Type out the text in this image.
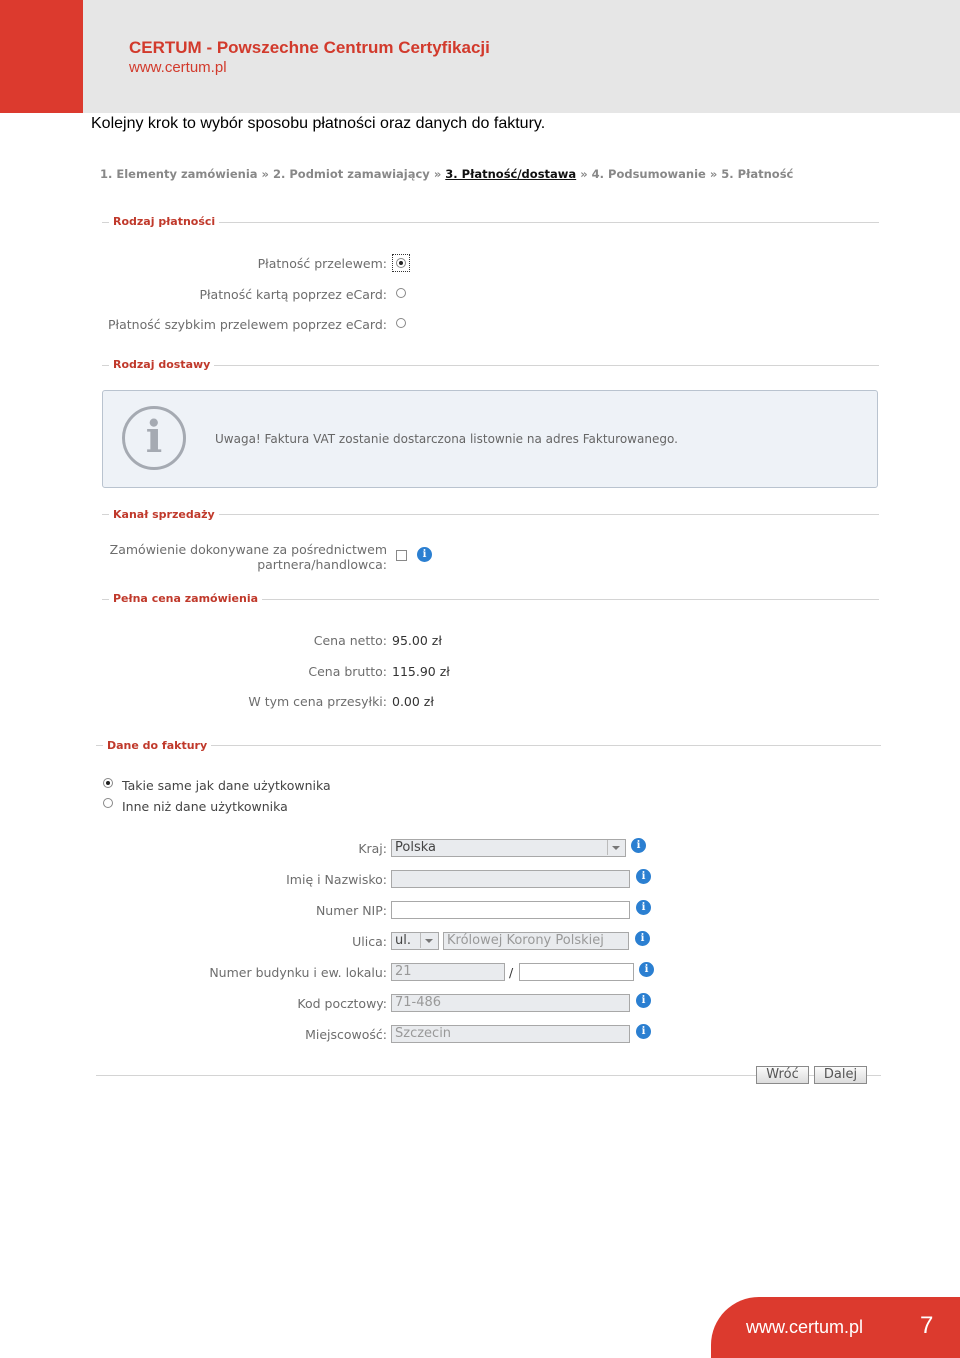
CERTUM - Powszechne Centrum Certyfikacji
www.certum.pl
Kolejny krok to wybór sposobu płatności oraz danych do faktury.
1. Elementy zamówienia » 2. Podmiot zamawiający » 3. Płatność/dostawa » 4. Podsumowanie » 5. Płatność
Rodzaj płatności
Płatność przelewem:
Płatność kartą poprzez eCard:
Płatność szybkim przelewem poprzez eCard:
Rodzaj dostawy
i	Uwaga! Faktura VAT zostanie dostarczona listownie na adres Fakturowanego.
Kanał sprzedaży
Zamówienie dokonywane za pośrednictwem
partnera/handlowca:
i
Pełna cena zamówienia
Cena netto: 95.00 zł
Cena brutto: 115.90 zł
W tym cena przesyłki: 0.00 zł
Dane do faktury
Takie same jak dane użytkownika
Inne niż dane użytkownika
Kraj: Polska	i
Imię i Nazwisko:	i
Numer NIP:	i
Ulica: ul.	Królowej Korony Polskiej	i
Numer budynku i ew. lokalu: 21	/	i
Kod pocztowy: 71-486	i
Miejscowość: Szczecin	i
Wróć	Dalej
www.certum.pl 7
